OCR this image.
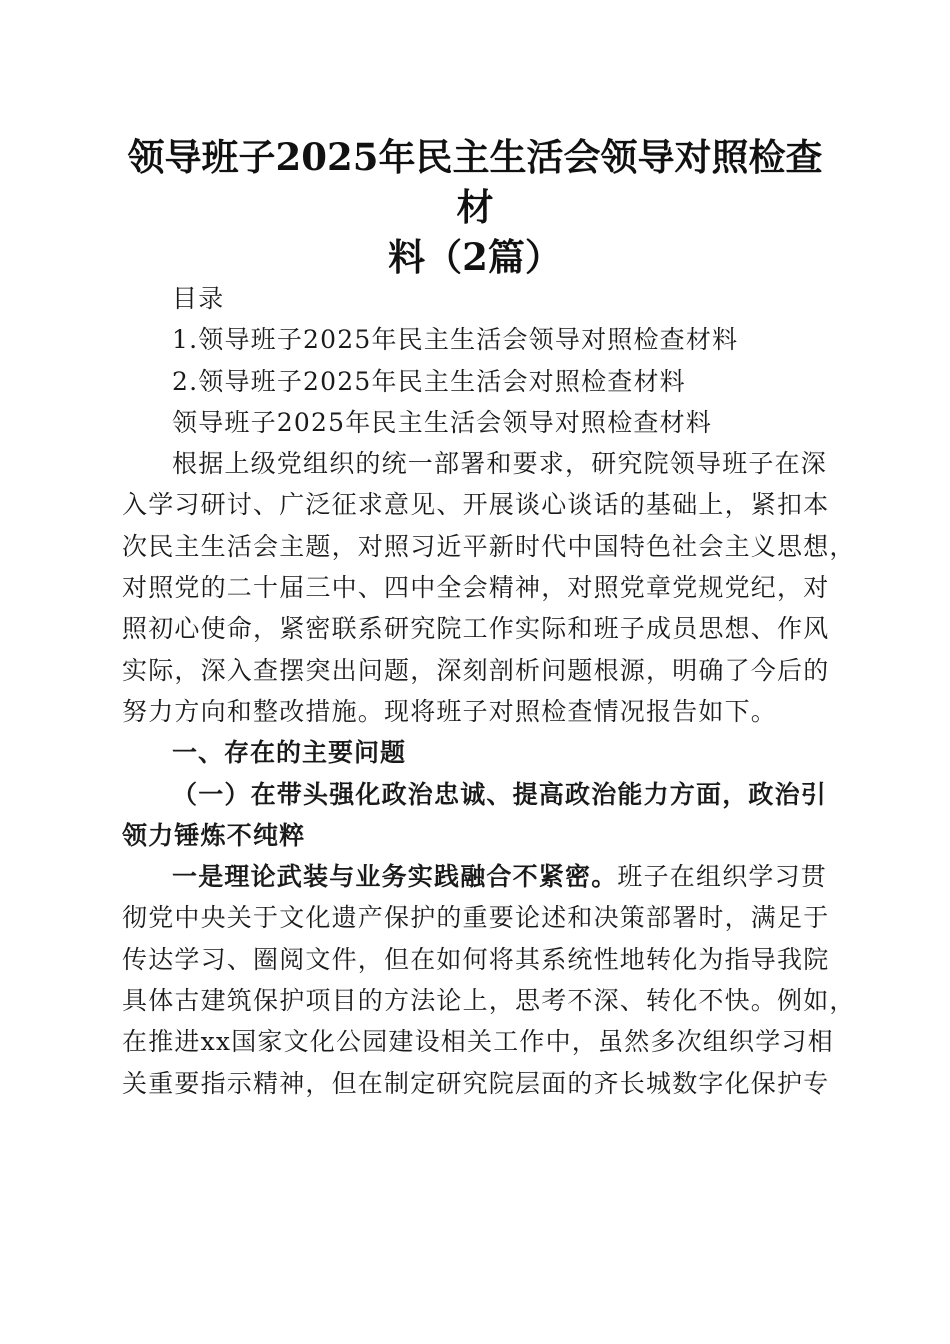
领导班子2025年民主生活会领导对照检查材
料（2篇）
目录
1.领导班子2025年民主生活会领导对照检查材料
2.领导班子2025年民主生活会对照检查材料
领导班子2025年民主生活会领导对照检查材料
根据上级党组织的统一部署和要求，研究院领导班子在深
入学习研讨、广泛征求意见、开展谈心谈话的基础上，紧扣本
次民主生活会主题，对照习近平新时代中国特色社会主义思想，
对照党的二十届三中、四中全会精神，对照党章党规党纪，对
照初心使命，紧密联系研究院工作实际和班子成员思想、作风
实际，深入查摆突出问题，深刻剖析问题根源，明确了今后的
努力方向和整改措施。现将班子对照检查情况报告如下。
一、存在的主要问题
（一）在带头强化政治忠诚、提高政治能力方面，政治引
领力锤炼不纯粹
一是理论武装与业务实践融合不紧密。班子在组织学习贯
彻党中央关于文化遗产保护的重要论述和决策部署时，满足于
传达学习、圈阅文件，但在如何将其系统性地转化为指导我院
具体古建筑保护项目的方法论上，思考不深、转化不快。例如，
在推进xx国家文化公园建设相关工作中，虽然多次组织学习相
关重要指示精神，但在制定研究院层面的齐长城数字化保护专
